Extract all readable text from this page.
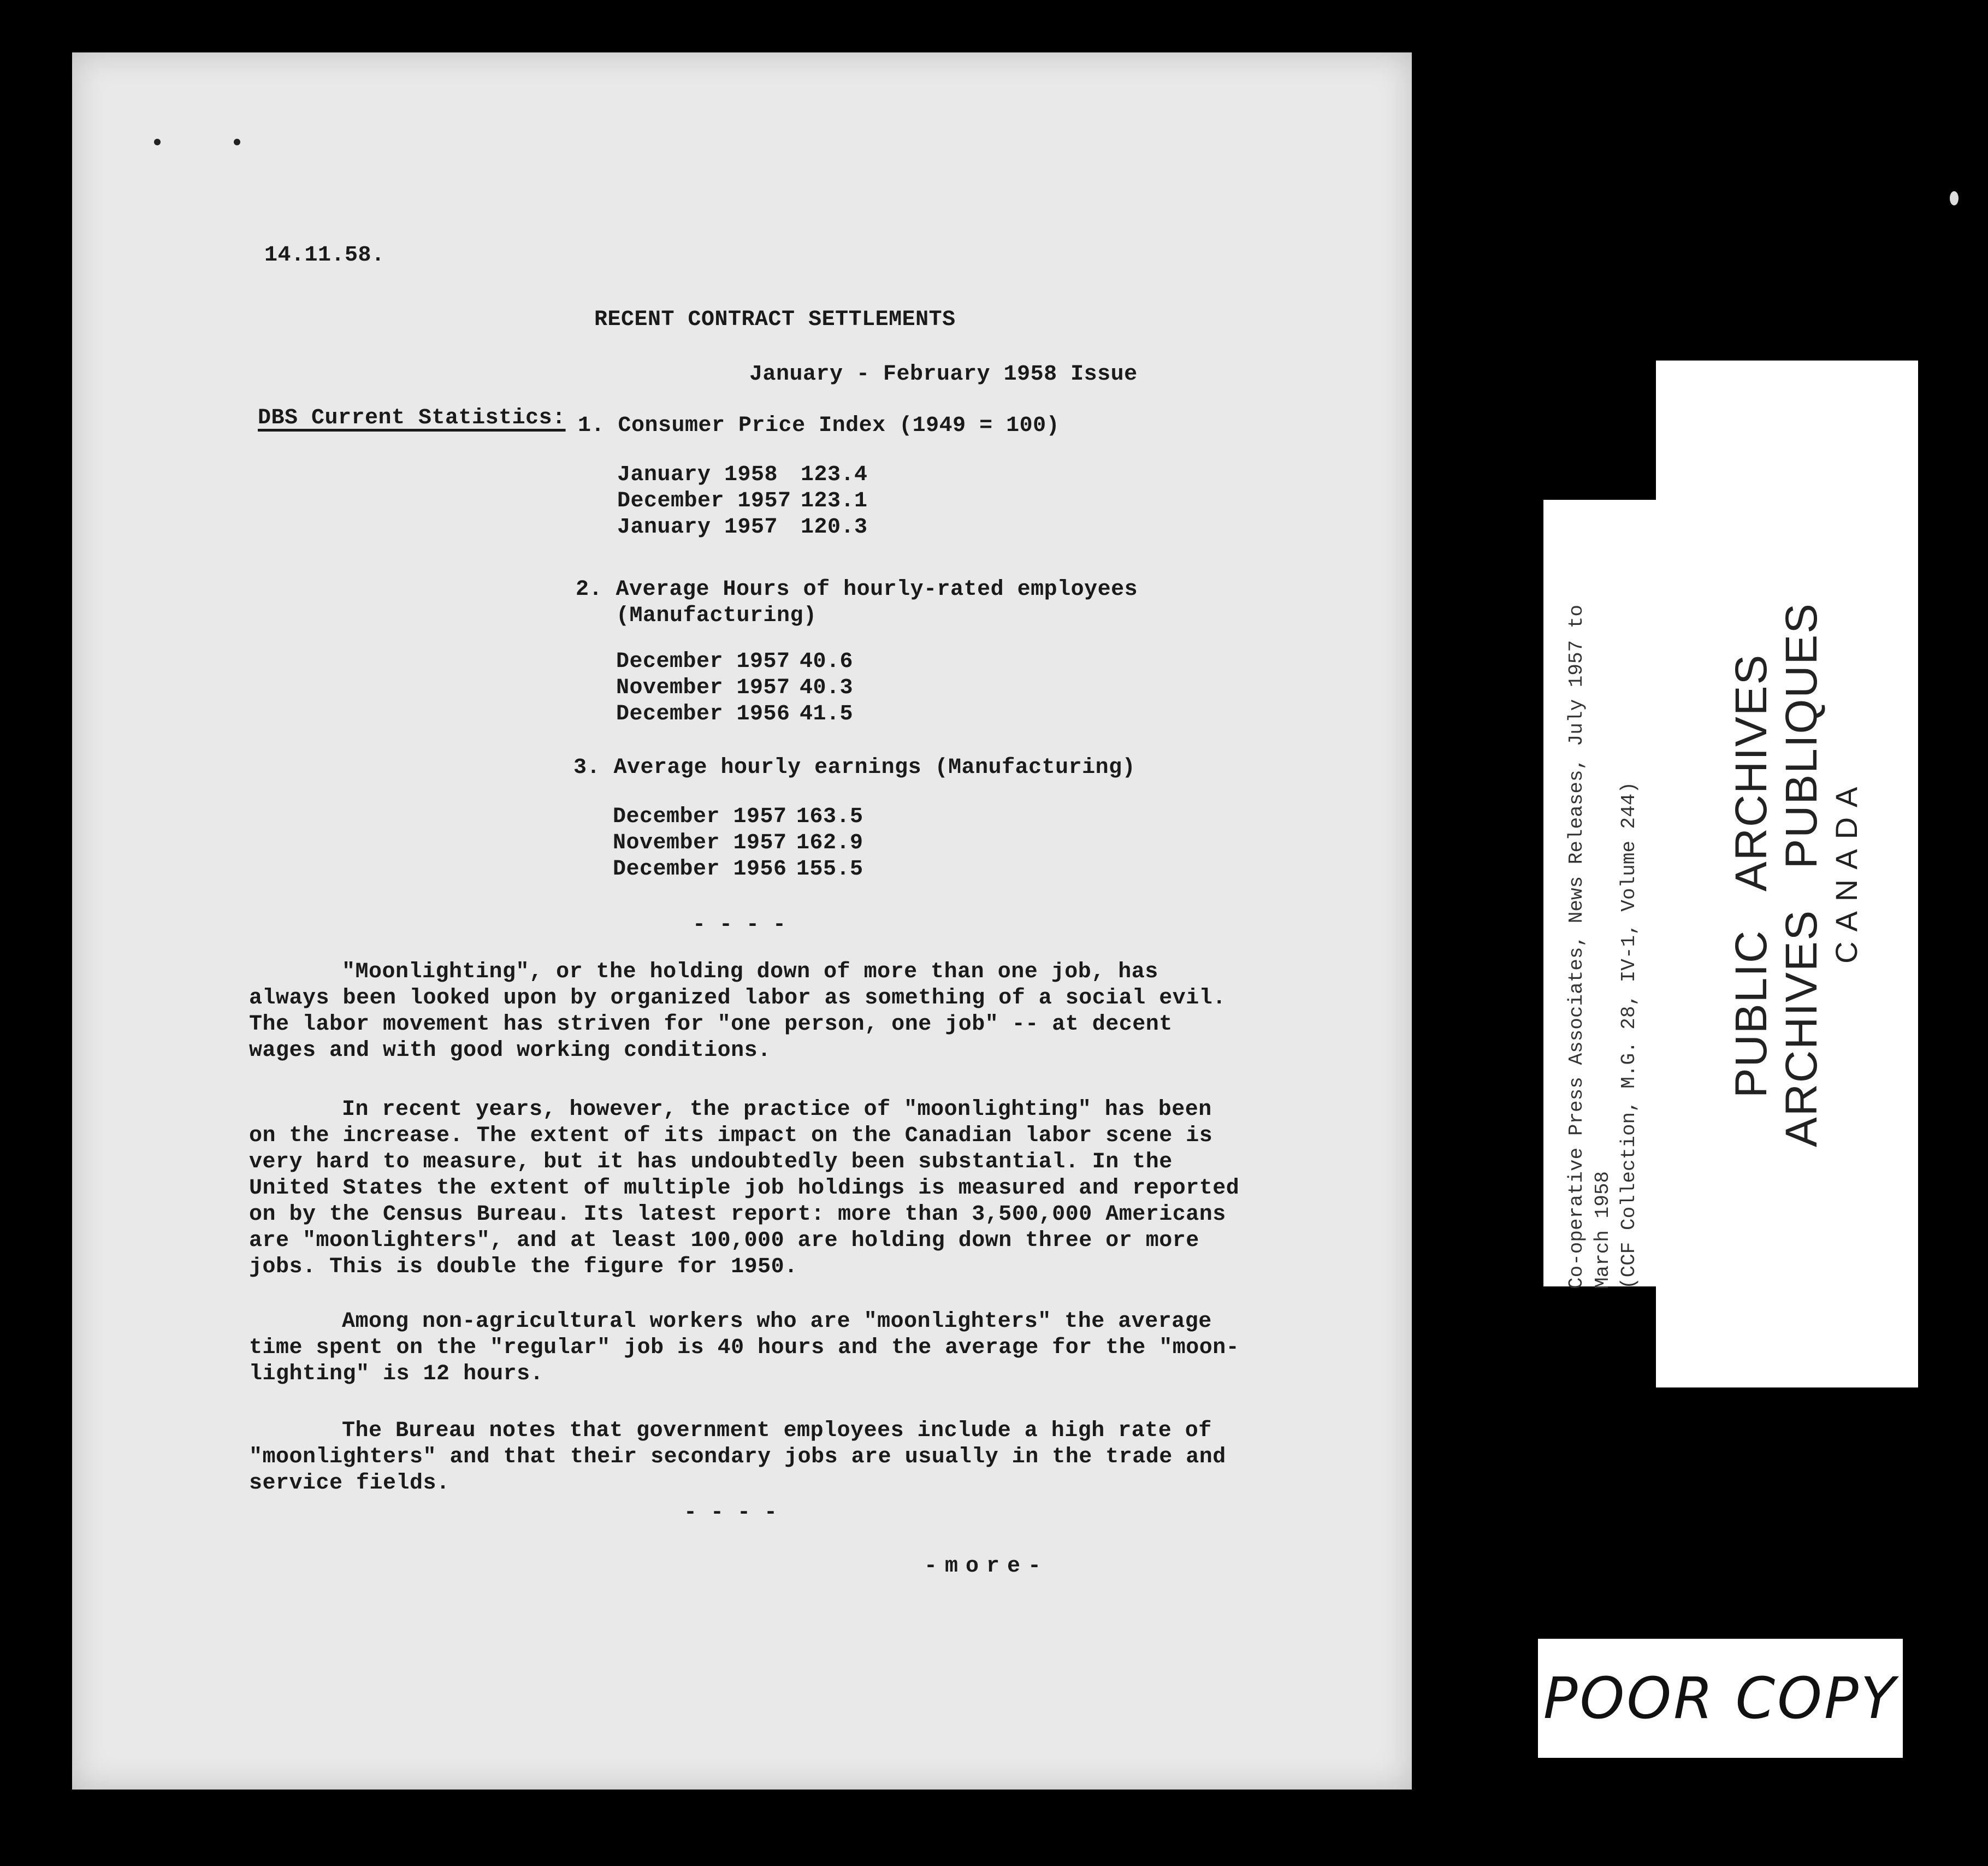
14.11.58.
RECENT CONTRACT SETTLEMENTS
January - February 1958 Issue
DBS Current Statistics: 1. Consumer Price Index (1949 = 100)
January 1958	123.4
December 1957 123.1
January 1957	120.3
2. Average Hours of hourly-rated employees
(Manufacturing)
December 1957 40.6
November 1957 40.3
December 1956 41.5
3. Average hourly earnings (Manufacturing)
December 1957 163.5
November 1957 162.9
December 1956 155.5
- - - -
"Moonlighting", or the holding down of more than one job, has always been looked upon by organized labor as something of a social evil. The labor movement has striven for "one person, one job" -- at decent wages and with good working conditions.
In recent years, however, the practice of "moonlighting" has been on the increase. The extent of its impact on the Canadian labor scene is very hard to measure, but it has undoubtedly been substantial. In the United States the extent of multiple job holdings is measured and reported on by the Census Bureau. Its latest report: more than 3,500,000 Americans are "moonlighters", and at least 100,000 are holding down three or more jobs. This is double the figure for 1950.
Among non-agricultural workers who are "moonlighters" the average time spent on the "regular" job is 40 hours and the average for the "moon-lighting" is 12 hours.
The Bureau notes that government employees include a high rate of "moonlighters" and that their secondary jobs are usually in the trade and service fields.
- - - -
-more-
Co-operative Press Associates, News Releases, July 1957 to March 1958 (CCF Collection, M.G. 28, IV-1, Volume 244) PUBLIC   ARCHIVES ARCHIVES   PUBLIQUES CANADA
POOR COPY
